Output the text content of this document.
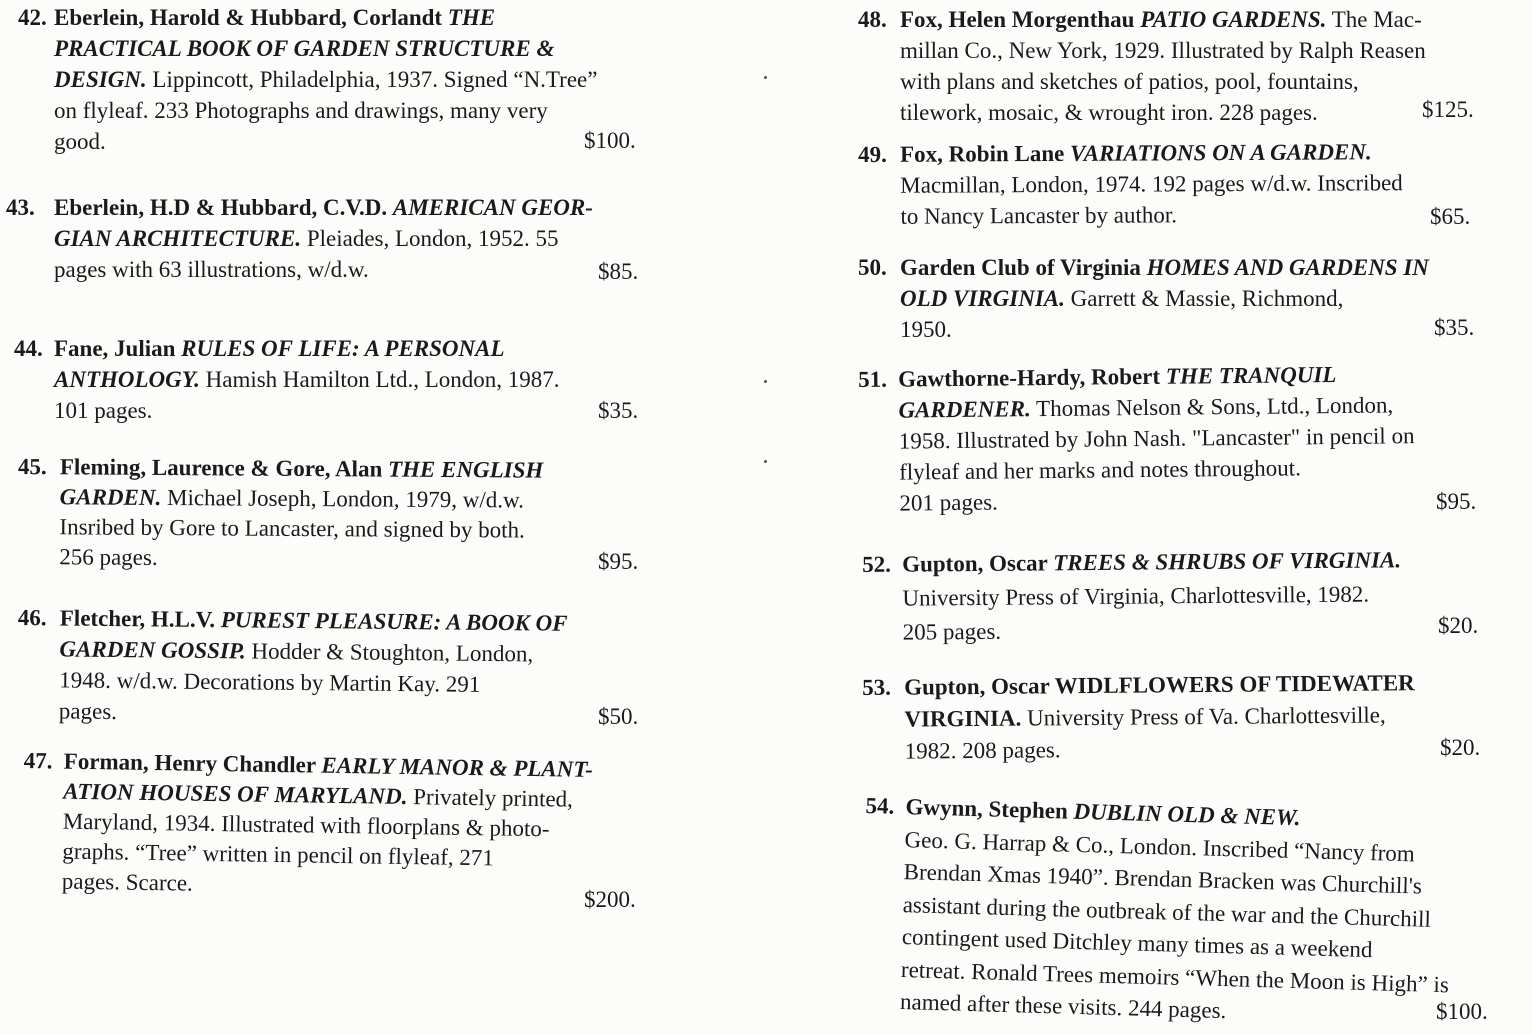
42. Eberlein, Harold & Hubbard, Corlandt THE
PRACTICAL BOOK OF GARDEN STRUCTURE &
DESIGN. Lippincott, Philadelphia, 1937. Signed “N.Tree”
on flyleaf. 233 Photographs and drawings, many very
good.	$100.
43. Eberlein, H.D & Hubbard, C.V.D. AMERICAN GEOR-
GIAN ARCHITECTURE. Pleiades, London, 1952. 55
pages with 63 illustrations, w/d.w.	$85.
44. Fane, Julian RULES OF LIFE: A PERSONAL
ANTHOLOGY. Hamish Hamilton Ltd., London, 1987.
101 pages.	$35.
45. Fleming, Laurence & Gore, Alan THE ENGLISH
GARDEN. Michael Joseph, London, 1979, w/d.w.
Insribed by Gore to Lancaster, and signed by both.
256 pages.	$95.
46. Fletcher, H.L.V. PUREST PLEASURE: A BOOK OF
GARDEN GOSSIP. Hodder & Stoughton, London,
1948. w/d.w. Decorations by Martin Kay. 291
pages.	$50.
47. Forman, Henry Chandler EARLY MANOR & PLANT-
ATION HOUSES OF MARYLAND. Privately printed,
Maryland, 1934. Illustrated with floorplans & photo-
graphs. “Tree” written in pencil on flyleaf, 271
pages. Scarce.
$200.
48. Fox, Helen Morgenthau PATIO GARDENS. The Mac-
millan Co., New York, 1929. Illustrated by Ralph Reasen
with plans and sketches of patios, pool, fountains,
tilework, mosaic, & wrought iron. 228 pages.	$125.
49. Fox, Robin Lane VARIATIONS ON A GARDEN.
Macmillan, London, 1974. 192 pages w/d.w. Inscribed
to Nancy Lancaster by author.	$65.
50. Garden Club of Virginia HOMES AND GARDENS IN
OLD VIRGINIA. Garrett & Massie, Richmond,
1950.	$35.
51. Gawthorne-Hardy, Robert THE TRANQUIL
GARDENER. Thomas Nelson & Sons, Ltd., London,
1958. Illustrated by John Nash. "Lancaster" in pencil on
flyleaf and her marks and notes throughout.
201 pages.	$95.
52. Gupton, Oscar TREES & SHRUBS OF VIRGINIA.
University Press of Virginia, Charlottesville, 1982.
205 pages.	$20.
53. Gupton, Oscar WIDLFLOWERS OF TIDEWATER
VIRGINIA. University Press of Va. Charlottesville,
1982. 208 pages.	$20.
54. Gwynn, Stephen DUBLIN OLD & NEW.
Geo. G. Harrap & Co., London. Inscribed “Nancy from
Brendan Xmas 1940”. Brendan Bracken was Churchill's
assistant during the outbreak of the war and the Churchill
contingent used Ditchley many times as a weekend
retreat. Ronald Trees memoirs “When the Moon is High” is
named after these visits. 244 pages.	$100.
